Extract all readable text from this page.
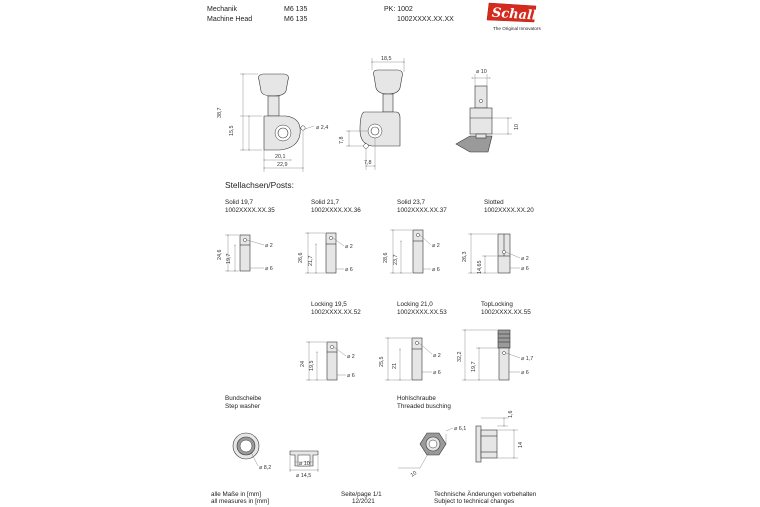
Mechanik
Machine Head
M6 135
M6 135
PK: 1002
1002XXXX.XX.XX	Schaller
The Original Innovators
38,7
15,5
20,1
22,9
⌀ 2,4
18,5
7,8
7,8
⌀ 10
10
Stellachsen/Posts:
Solid 19,7
1002XXXX.XX.35
Solid 21,7
1002XXXX.XX.36
Solid 23,7
1002XXXX.XX.37
Slotted
1002XXXX.XX.20
24,6 19,7
⌀ 2
⌀ 6
26,6 21,7
⌀ 2
⌀ 6
28,6 23,7
⌀ 2
⌀ 6
26,3
14,65
⌀ 2
⌀ 6
Locking 19,5
1002XXXX.XX.52
Locking 21,0
1002XXXX.XX.53
TopLocking
1002XXXX.XX.55
24 19,5
⌀ 2
⌀ 6
25,5 21
⌀ 2
⌀ 6
32,2
19,7
⌀ 1,7
⌀ 6
Bundscheibe
Step washer
⌀ 8,2
⌀ 10
⌀ 14,5
Hohlschraube
Threaded busching
⌀ 6,1
10
1,6
14
alle Maße in [mm]
all measures in [mm]
Seite/page 1/1
12/2021
Technische Änderungen vorbehalten
Subject to technical changes
